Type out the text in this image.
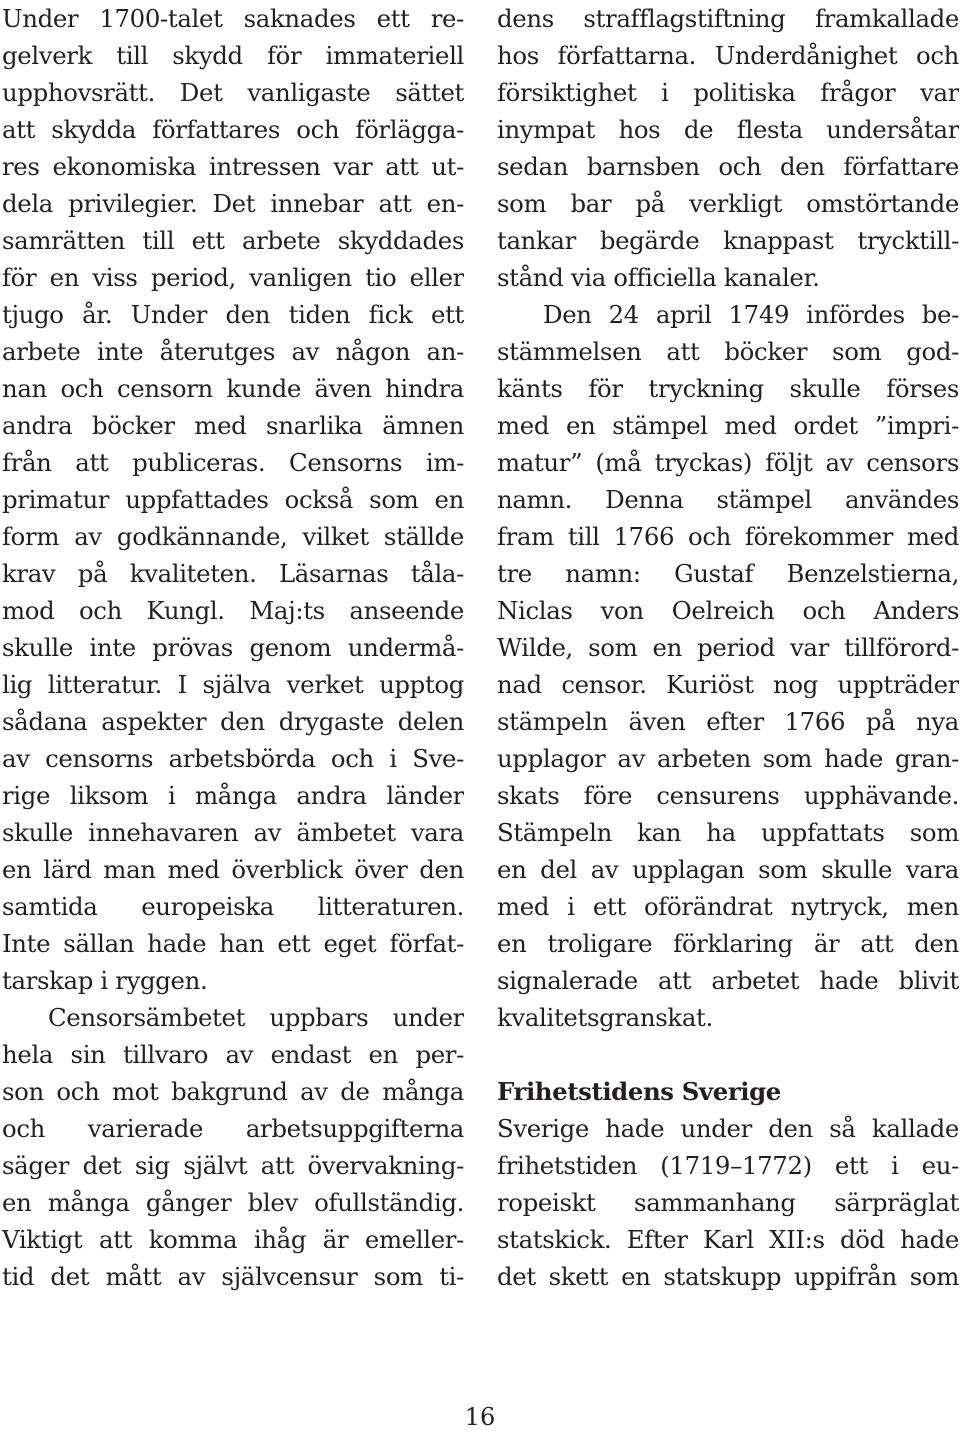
Under 1700-talet saknades ett re-
gelverk till skydd för immateriell
upphovsrätt. Det vanligaste sättet
att skydda författares och förlägga-
res ekonomiska intressen var att ut-
dela privilegier. Det innebar att en-
samrätten till ett arbete skyddades
för en viss period, vanligen tio eller
tjugo år. Under den tiden fick ett
arbete inte återutges av någon an-
nan och censorn kunde även hindra
andra böcker med snarlika ämnen
från att publiceras. Censorns im-
primatur uppfattades också som en
form av godkännande, vilket ställde
krav på kvaliteten. Läsarnas tåla-
mod och Kungl. Maj:ts anseende
skulle inte prövas genom undermå-
lig litteratur. I själva verket upptog
sådana aspekter den drygaste delen
av censorns arbetsbörda och i Sve-
rige liksom i många andra länder
skulle innehavaren av ämbetet vara
en lärd man med överblick över den
samtida europeiska litteraturen.
Inte sällan hade han ett eget förfat-
tarskap i ryggen.
Censorsämbetet uppbars under
hela sin tillvaro av endast en per-
son och mot bakgrund av de många
och varierade arbetsuppgifterna
säger det sig självt att övervakning-
en många gånger blev ofullständig.
Viktigt att komma ihåg är emeller-
tid det mått av självcensur som ti-
dens strafflagstiftning framkallade
hos författarna. Underdånighet och
försiktighet i politiska frågor var
inympat hos de flesta undersåtar
sedan barnsben och den författare
som bar på verkligt omstörtande
tankar begärde knappast trycktill-
stånd via officiella kanaler.
Den 24 april 1749 infördes be-
stämmelsen att böcker som god-
känts för tryckning skulle förses
med en stämpel med ordet ”impri-
matur” (må tryckas) följt av censors
namn. Denna stämpel användes
fram till 1766 och förekommer med
tre namn: Gustaf Benzelstierna,
Niclas von Oelreich och Anders
Wilde, som en period var tillförord-
nad censor. Kuriöst nog uppträder
stämpeln även efter 1766 på nya
upplagor av arbeten som hade gran-
skats före censurens upphävande.
Stämpeln kan ha uppfattats som
en del av upplagan som skulle vara
med i ett oförändrat nytryck, men
en troligare förklaring är att den
signalerade att arbetet hade blivit
kvalitetsgranskat.
Frihetstidens Sverige
Sverige hade under den så kallade
frihetstiden (1719–1772) ett i eu-
ropeiskt sammanhang särpräglat
statskick. Efter Karl XII:s död hade
det skett en statskupp uppifrån som
16
